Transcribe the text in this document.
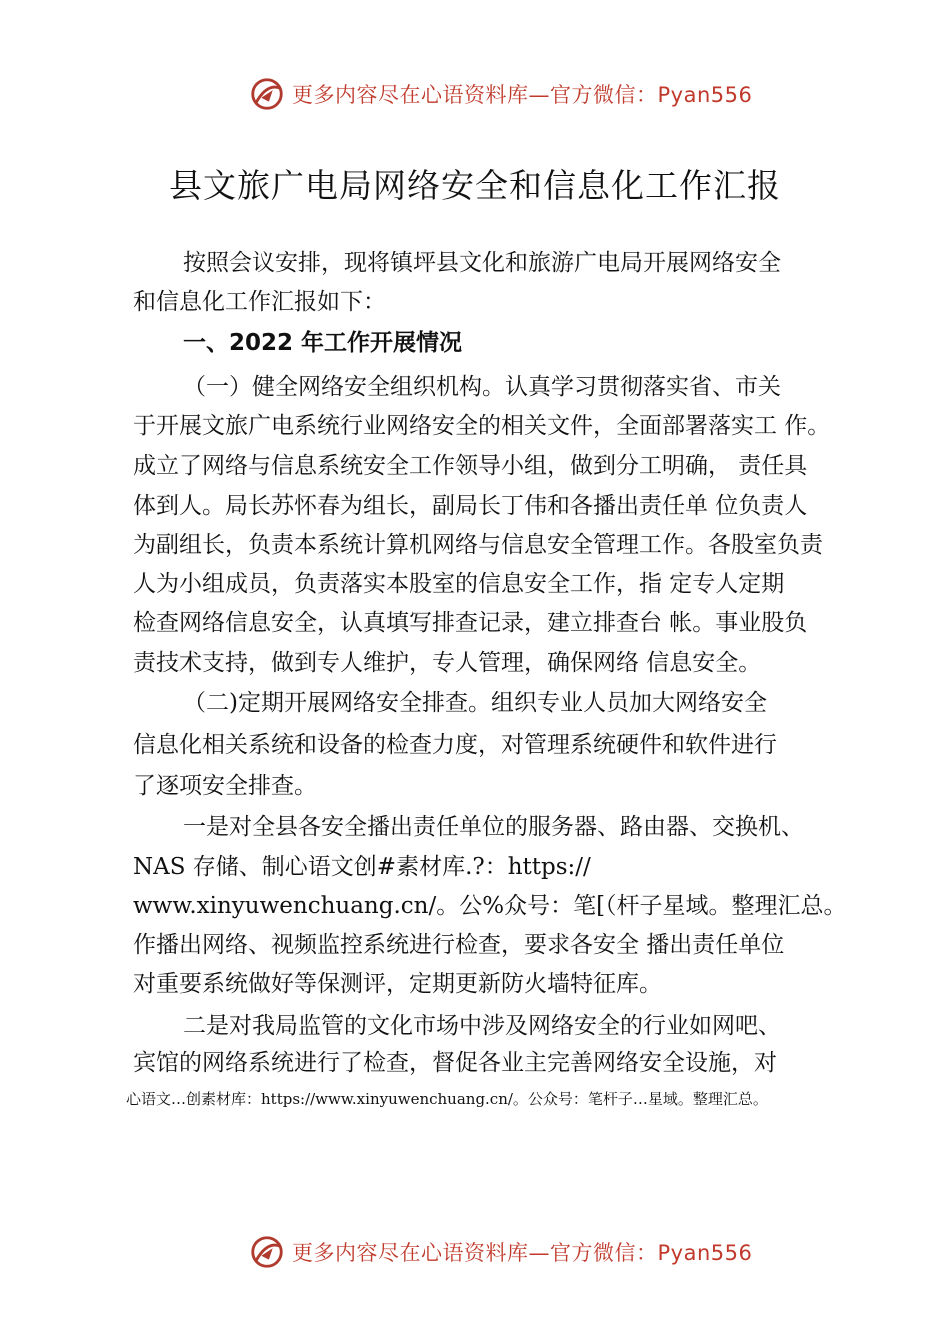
更多内容尽在心语资料库—官方微信：Pyan556
县文旅广电局网络安全和信息化工作汇报
按照会议安排，现将镇坪县文化和旅游广电局开展网络安全
和信息化工作汇报如下：
一、2022 年工作开展情况
（一）健全网络安全组织机构。认真学习贯彻落实省、市关
于开展文旅广电系统行业网络安全的相关文件，全面部署落实工 作。
成立了网络与信息系统安全工作领导小组，做到分工明确， 责任具
体到人。局长苏怀春为组长，副局长丁伟和各播出责任单 位负责人
为副组长，负责本系统计算机网络与信息安全管理工作。各股室负责
人为小组成员，负责落实本股室的信息安全工作，指 定专人定期
检查网络信息安全，认真填写排查记录，建立排查台 帐。事业股负
责技术支持，做到专人维护，专人管理，确保网络 信息安全。
（二)定期开展网络安全排查。组织专业人员加大网络安全
信息化相关系统和设备的检查力度，对管理系统硬件和软件进行
了逐项安全排查。
一是对全县各安全播出责任单位的服务器、路由器、交换机、
NAS 存储、制心语文创#素材库.?：https://
www.xinyuwenchuang.cn/。公%众号：笔[（杆子星域。整理汇总。
作播出网络、视频监控系统进行检查，要求各安全 播出责任单位
对重要系统做好等保测评，定期更新防火墙特征库。
二是对我局监管的文化市场中涉及网络安全的行业如网吧、
宾馆的网络系统进行了检查，督促各业主完善网络安全设施，对
心语文…创素材库：https://www.xinyuwenchuang.cn/。公众号：笔杆子…星域。整理汇总。
更多内容尽在心语资料库—官方微信：Pyan556
